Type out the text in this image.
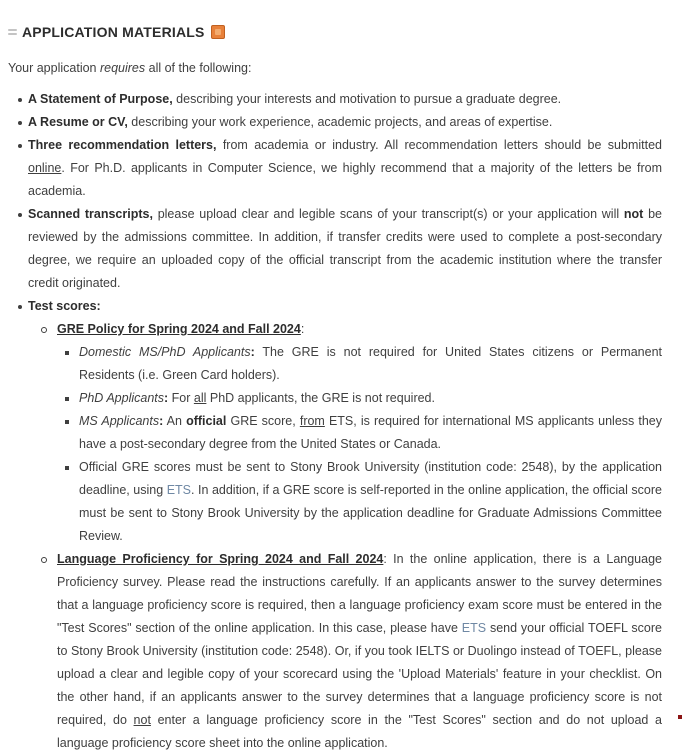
APPLICATION MATERIALS

Your application requires all of the following:

A Statement of Purpose, describing your interests and motivation to pursue a graduate degree.
A Resume or CV, describing your work experience, academic projects, and areas of expertise.
Three recommendation letters, from academia or industry. All recommendation letters should be submitted online. For Ph.D. applicants in Computer Science, we highly recommend that a majority of the letters be from academia.
Scanned transcripts, please upload clear and legible scans of your transcript(s) or your application will not be reviewed by the admissions committee. In addition, if transfer credits were used to complete a post-secondary degree, we require an uploaded copy of the official transcript from the academic institution where the transfer credit originated.
Test scores:
GRE Policy for Spring 2024 and Fall 2024:
Domestic MS/PhD Applicants: The GRE is not required for United States citizens or Permanent Residents (i.e. Green Card holders).
PhD Applicants: For all PhD applicants, the GRE is not required.
MS Applicants: An official GRE score, from ETS, is required for international MS applicants unless they have a post-secondary degree from the United States or Canada.
Official GRE scores must be sent to Stony Brook University (institution code: 2548), by the application deadline, using ETS. In addition, if a GRE score is self-reported in the online application, the official score must be sent to Stony Brook University by the application deadline for Graduate Admissions Committee Review.
Language Proficiency for Spring 2024 and Fall 2024: In the online application, there is a Language Proficiency survey. Please read the instructions carefully. If an applicants answer to the survey determines that a language proficiency score is required, then a language proficiency exam score must be entered in the "Test Scores" section of the online application. In this case, please have ETS send your official TOEFL score to Stony Brook University (institution code: 2548). Or, if you took IELTS or Duolingo instead of TOEFL, please upload a clear and legible copy of your scorecard using the 'Upload Materials' feature in your checklist. On the other hand, if an applicants answer to the survey determines that a language proficiency score is not required, do not enter a language proficiency score in the "Test Scores" section and do not upload a language proficiency score sheet into the online application.
